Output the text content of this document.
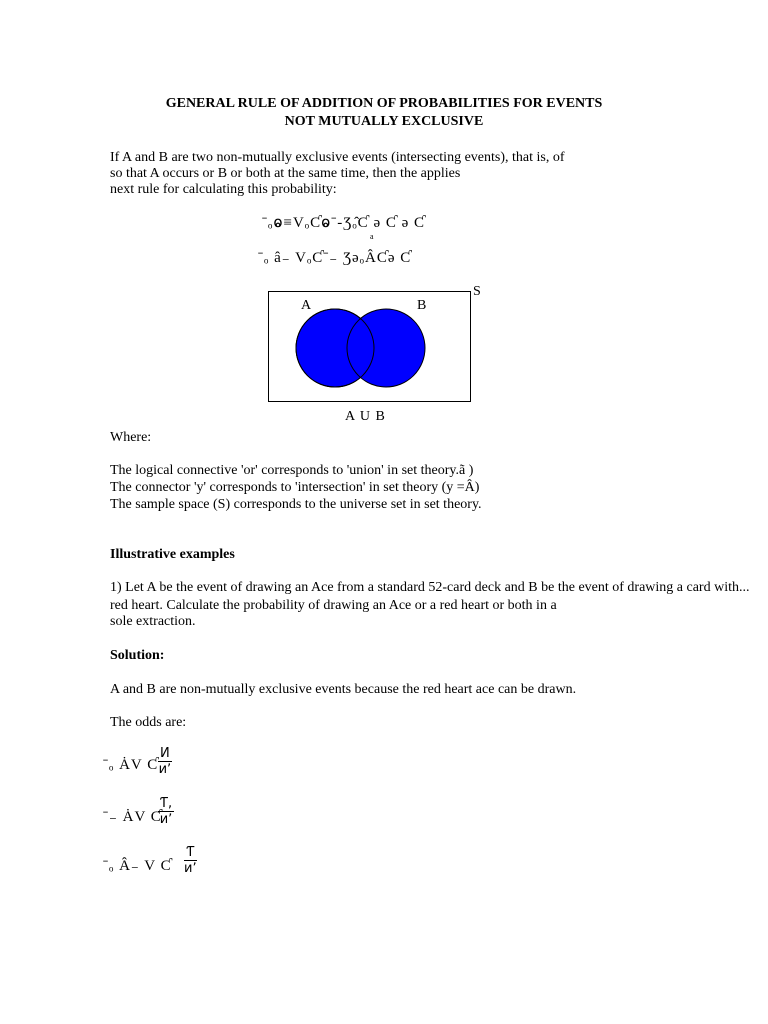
GENERAL RULE OF ADDITION OF PROBABILITIES FOR EVENTS
NOT MUTUALLY EXCLUSIVE
If A and B are two non-mutually exclusive events (intersecting events), that is, of
so that A occurs or B or both at the same time, then the applies
next rule for calculating this probability:
ˉₒⱺ≡VₒƇⱺˉ‐Ʒₒ̂Ƈ ə Ƈ ə Ƈ
a
ˉₒ â₋ VₒƇˉ₋ ƷəₒÂƇə Ƈ
A	B
S
A U B
Where:
The logical connective 'or' corresponds to 'union' in set theory.ã )
The connector 'y' corresponds to 'intersection' in set theory (y =Â)
The sample space (S) corresponds to the universe set in set theory.
Illustrative examples
1) Let A be the event of drawing an Ace from a standard 52-card deck and B be the event of drawing a card with...
red heart. Calculate the probability of drawing an Ace or a red heart or both in a
sole extraction.
Solution:
A and B are non-mutually exclusive events because the red heart ace can be drawn.
The odds are:
ˉₒ ȦV Ƈ
И
иʼ
ˉ₋ ȦV Ƈ
Ƭ,
иʼ
ˉₒ Â₋ V Ƈ
Ƭ
иʼ
